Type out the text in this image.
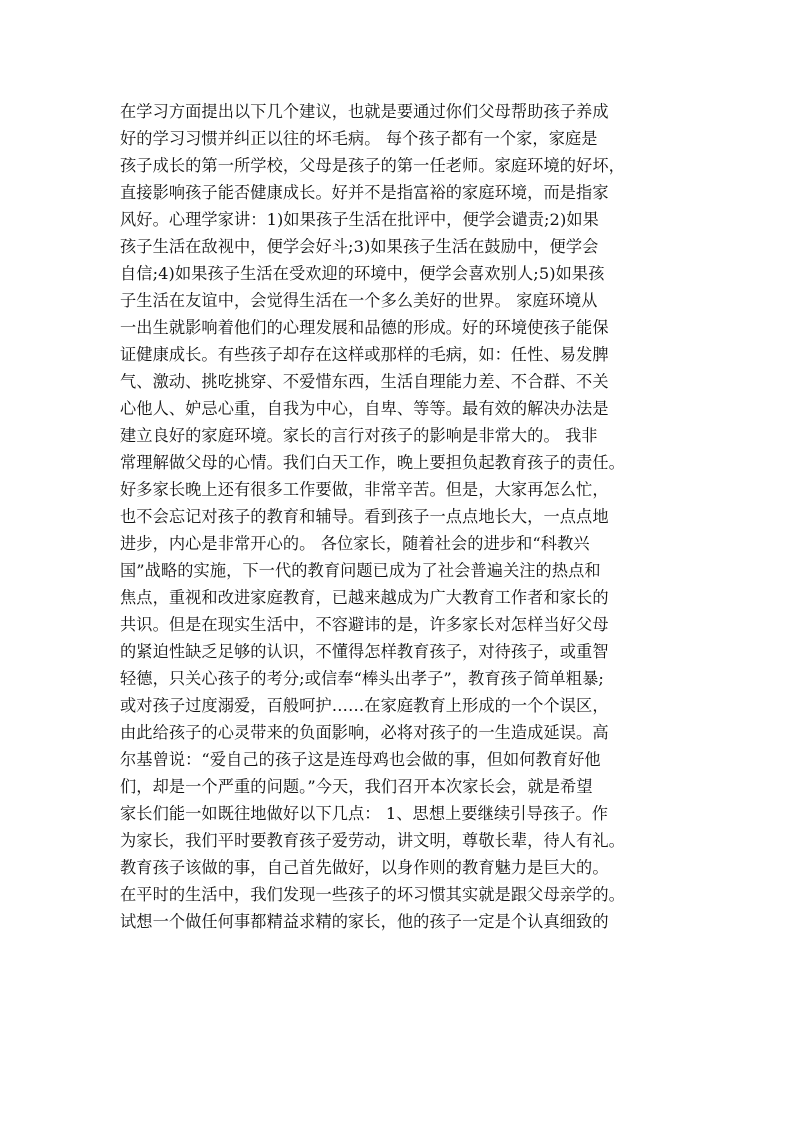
在学习方面提出以下几个建议，也就是要通过你们父母帮助孩子养成
好的学习习惯并纠正以往的坏毛病。 每个孩子都有一个家，家庭是
孩子成长的第一所学校，父母是孩子的第一任老师。家庭环境的好坏，
直接影响孩子能否健康成长。好并不是指富裕的家庭环境，而是指家
风好。心理学家讲：1)如果孩子生活在批评中，便学会谴责;2)如果
孩子生活在敌视中，便学会好斗;3)如果孩子生活在鼓励中，便学会
自信;4)如果孩子生活在受欢迎的环境中，便学会喜欢别人;5)如果孩
子生活在友谊中，会觉得生活在一个多么美好的世界。 家庭环境从
一出生就影响着他们的心理发展和品德的形成。好的环境使孩子能保
证健康成长。有些孩子却存在这样或那样的毛病，如：任性、易发脾
气、激动、挑吃挑穿、不爱惜东西，生活自理能力差、不合群、不关
心他人、妒忌心重，自我为中心，自卑、等等。最有效的解决办法是
建立良好的家庭环境。家长的言行对孩子的影响是非常大的。 我非
常理解做父母的心情。我们白天工作，晚上要担负起教育孩子的责任。
好多家长晚上还有很多工作要做，非常辛苦。但是，大家再怎么忙，
也不会忘记对孩子的教育和辅导。看到孩子一点点地长大，一点点地
进步，内心是非常开心的。 各位家长，随着社会的进步和“科教兴
国”战略的实施，下一代的教育问题已成为了社会普遍关注的热点和
焦点，重视和改进家庭教育，已越来越成为广大教育工作者和家长的
共识。但是在现实生活中，不容避讳的是，许多家长对怎样当好父母
的紧迫性缺乏足够的认识，不懂得怎样教育孩子，对待孩子，或重智
轻德，只关心孩子的考分;或信奉“棒头出孝子”，教育孩子简单粗暴;
或对孩子过度溺爱，百般呵护……在家庭教育上形成的一个个误区，
由此给孩子的心灵带来的负面影响，必将对孩子的一生造成延误。高
尔基曾说：“爱自己的孩子这是连母鸡也会做的事，但如何教育好他
们，却是一个严重的问题。”今天，我们召开本次家长会，就是希望
家长们能一如既往地做好以下几点： 1、思想上要继续引导孩子。作
为家长，我们平时要教育孩子爱劳动，讲文明，尊敬长辈，待人有礼。
教育孩子该做的事，自己首先做好，以身作则的教育魅力是巨大的。
在平时的生活中，我们发现一些孩子的坏习惯其实就是跟父母亲学的。
试想一个做任何事都精益求精的家长，他的孩子一定是个认真细致的
